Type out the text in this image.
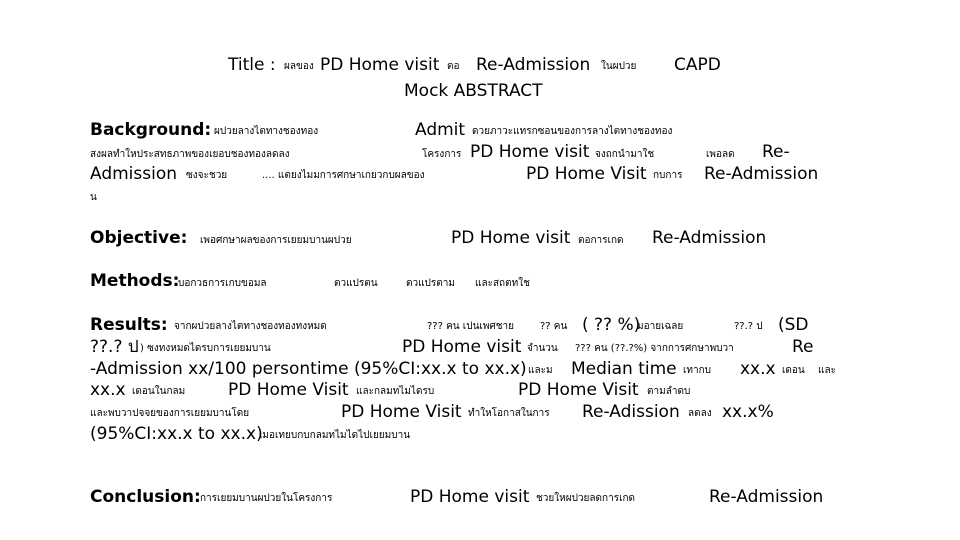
Title : ผลของ PD Home visit ตอ Re-Admission ในผปวย CAPD
Mock ABSTRACT
Background: ผปวยลางไตทางชองทอง	Admit ดวยภาวะแทรกซอนของการลางไตทางชองทอง
สงผลทำใหประสทธภาพของเยอบชองทองลดลง	โครงการ PD Home visit จงถกนำมาใช	เพอลด Re-
Admission ซงจะชวย	.... แตยงไมมการศกษาเกยวกบผลของ	PD Home Visit กบการ Re-Admission
น
Objective: เพอศกษาผลของการเยยมบานผปวย	PD Home visit ตอการเกด Re-Admission
Methods:
บอกวธการเกบขอมล	ตวแปรตน	ตวแปรตาม และสถตทใช
Results: จากผปวยลางไตทางชองทองทงหมด	??? คน เปนเพศชาย	?? คน ( ?? %)
มอายเฉลย	??.? ป (SD
??.? ป ) ซงทงหมดไดรบการเยยมบาน	PD Home visit จำนวน ??? คน (??.?%) จากการศกษาพบวา	Re
-Admission xx/100 persontime (95%CI:xx.x to xx.x) และม Median time เทากบ xx.x เดอน และ
xx.x เดอนในกลม	PD Home Visit และกลมทไมไดรบ	PD Home Visit ตามลำดบ
และพบวาปจจยของการเยยมบานโดย	PD Home Visit ทำใหโอกาสในการ Re-Adission ลดลง xx.x%
(95%CI:xx.x to xx.x)
เมอเทยบกบกลมทไมไดไปเยยมบาน
Conclusion: การเยยมบานผปวยในโครงการ	PD Home visit ชวยใหผปวยลดการเกด	Re-Admission
